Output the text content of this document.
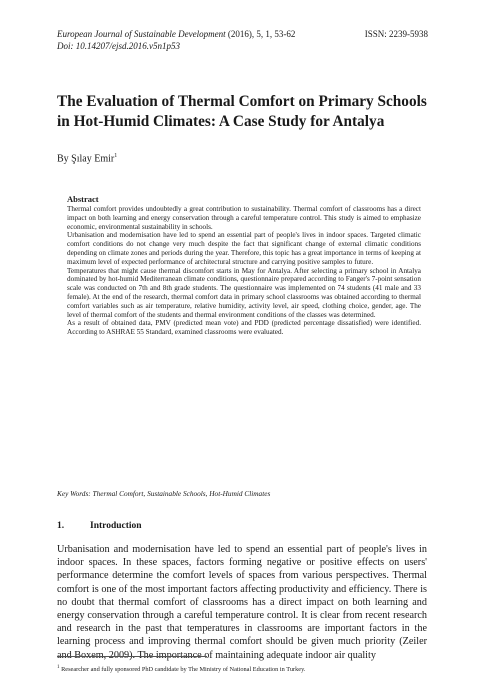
European Journal of Sustainable Development (2016), 5, 1, 53-62	ISSN: 2239-5938
Doi: 10.14207/ejsd.2016.v5n1p53
The Evaluation of Thermal Comfort on Primary Schools in Hot-Humid Climates: A Case Study for Antalya
By Şılay Emir$^1$
Abstract

Thermal comfort provides undoubtedly a great contribution to sustainability. Thermal comfort of classrooms has a direct impact on both learning and energy conservation through a careful temperature control. This study is aimed to emphasize economic, environmental sustainability in schools.

Urbanisation and modernisation have led to spend an essential part of people's lives in indoor spaces. Targeted climatic comfort conditions do not change very much despite the fact that significant change of external climatic conditions depending on climate zones and periods during the year. Therefore, this topic has a great importance in terms of keeping at maximum level of expected performance of architectural structure and carrying positive samples to future.

Temperatures that might cause thermal discomfort starts in May for Antalya. After selecting a primary school in Antalya dominated by hot-humid Mediterranean climate conditions, questionnaire prepared according to Fanger's 7-point sensation scale was conducted on 7th and 8th grade students. The questionnaire was implemented on 74 students (41 male and 33 female). At the end of the research, thermal comfort data in primary school classrooms was obtained according to thermal comfort variables such as air temperature, relative humidity, activity level, air speed, clothing choice, gender, age. The level of thermal comfort of the students and thermal environment conditions of the classes was determined.

As a result of obtained data, PMV (predicted mean vote) and PDD (predicted percentage dissatisfied) were identified. According to ASHRAE 55 Standard, examined classrooms were evaluated.

Key Words: Thermal Comfort, Sustainable Schools, Hot-Humid Climates
1.	Introduction

Urbanisation and modernisation have led to spend an essential part of people's lives in indoor spaces. In these spaces, factors forming negative or positive effects on users' performance determine the comfort levels of spaces from various perspectives. Thermal comfort is one of the most important factors affecting productivity and efficiency. There is no doubt that thermal comfort of classrooms has a direct impact on both learning and energy conservation through a careful temperature control. It is clear from recent research and research in the past that temperatures in classrooms are important factors in the learning process and improving thermal comfort should be given much priority (Zeiler and Boxem, 2009). The importance of maintaining adequate indoor air quality

$^1$ Researcher and fully sponsored PhD candidate by The Ministry of National Education in Turkey.
